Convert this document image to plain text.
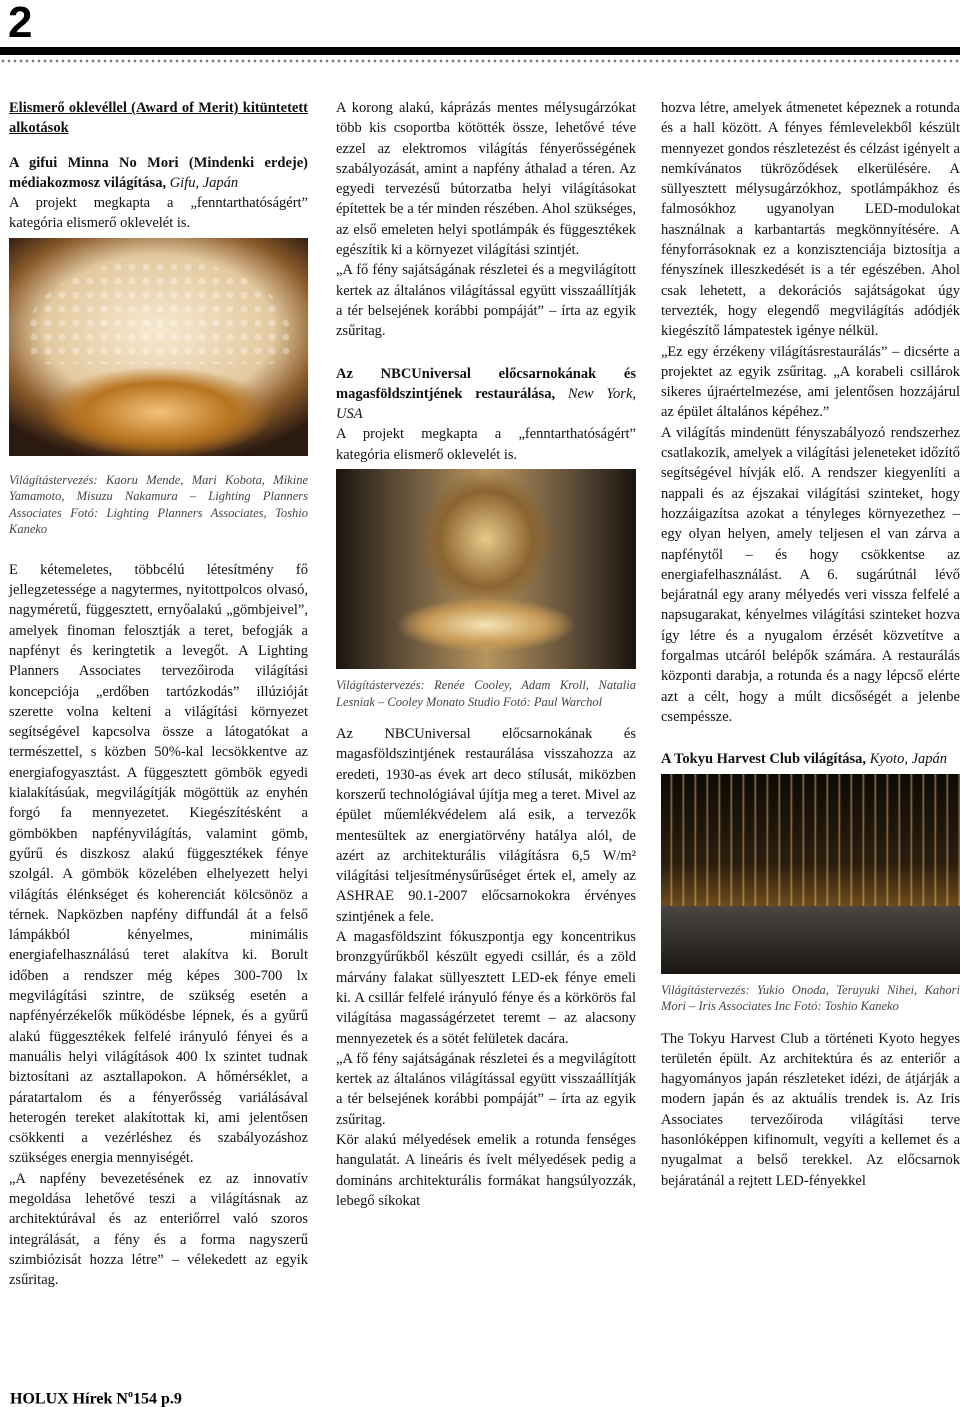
2

Elismerő oklevéllel (Award of Merit) kitüntetett alkotások

A gifui Minna No Mori (Mindenki erdeje) médiakozmosz világítása, Gifu, Japán

A projekt megkapta a „fenntarthatóságért” kategória elismerő oklevelét is.

Világítástervezés: Kaoru Mende, Mari Kobota, Mikine Yamamoto, Misuzu Nakamura – Lighting Planners Associates Fotó: Lighting Planners Associates, Toshio Kaneko

E kétemeletes, többcélú létesítmény fő jellegzetessége a nagytermes, nyitottpolcos olvasó, nagyméretű, függesztett, ernyőalakú „gömbjeivel”, amelyek finoman felosztják a teret, befogják a napfényt és keringtetik a levegőt. A Lighting Planners Associates tervezőiroda világítási koncepciója „erdőben tartózkodás” illúzióját szerette volna kelteni a világítási környezet segítségével kapcsolva össze a látogatókat a természettel, s közben 50%-kal lecsökkentve az energiafogyasztást. A függesztett gömbök egyedi kialakításúak, megvilágítják mögöttük az enyhén forgó fa mennyezetet. Kiegészítésként a gömbökben napfényvilágítás, valamint gömb, gyűrű és diszkosz alakú függesztékek fénye szolgál. A gömbök közelében elhelyezett helyi világítás élénkséget és koherenciát kölcsönöz a térnek. Napközben napfény diffundál át a felső lámpákból kényelmes, minimális energiafelhasználású teret alakítva ki. Borult időben a rendszer még képes 300-700 lx megvilágítási szintre, de szükség esetén a napfényérzékelők működésbe lépnek, és a gyűrű alakú függesztékek felfelé irányuló fényei és a manuális helyi világítások 400 lx szintet tudnak biztosítani az asztallapokon. A hőmérséklet, a páratartalom és a fényerősség variálásával heterogén tereket alakítottak ki, ami jelentősen csökkenti a vezérléshez és szabályozáshoz szükséges energia mennyiségét.

„A napfény bevezetésének ez az innovatív megoldása lehetővé teszi a világításnak az architektúrával és az enteriőrrel való szoros integrálását, a fény és a forma nagyszerű szimbiózisát hozza létre” – vélekedett az egyik zsűritag.

A korong alakú, káprázás mentes mélysugárzókat több kis csoportba kötötték össze, lehetővé téve ezzel az elektromos világítás fényerősségének szabályozását, amint a napfény áthalad a téren. Az egyedi tervezésű bútorzatba helyi világításokat építettek be a tér minden részében. Ahol szükséges, az első emeleten helyi spotlámpák és függesztékek egészítik ki a környezet világítási szintjét.

„A fő fény sajátságának részletei és a megvilágított kertek az általános világítással együtt visszaállítják a tér belsejének korábbi pompáját” – írta az egyik zsűritag.

Az NBCUniversal előcsarnokának és magasföldszintjének restaurálása, New York, USA

A projekt megkapta a „fenntarthatóságért” kategória elismerő oklevelét is.

Világítástervezés: Renée Cooley, Adam Kroll, Natalia Lesniak – Cooley Monato Studio Fotó: Paul Warchol

Az NBCUniversal előcsarnokának és magasföldszintjének restaurálása visszahozza az eredeti, 1930-as évek art deco stílusát, miközben korszerű technológiával újítja meg a teret. Mivel az épület műemlékvédelem alá esik, a tervezők mentesültek az energiatörvény hatálya alól, de azért az architekturális világításra 6,5 W/m² világítási teljesítménysűrűséget értek el, amely az ASHRAE 90.1-2007 előcsarnokokra érvényes szintjének a fele.

A magasföldszint fókuszpontja egy koncentrikus bronzgyűrűkből készült egyedi csillár, és a zöld márvány falakat süllyesztett LED-ek fénye emeli ki. A csillár felfelé irányuló fénye és a körkörös fal világítása magasságérzetet teremt – az alacsony mennyezetek és a sötét felületek dacára.

„A fő fény sajátságának részletei és a megvilágított kertek az általános világítással együtt visszaállítják a tér belsejének korábbi pompáját” – írta az egyik zsűritag.

Kör alakú mélyedések emelik a rotunda fenséges hangulatát. A lineáris és ívelt mélyedések pedig a domináns architekturális formákat hangsúlyozzák, lebegő síkokat

hozva létre, amelyek átmenetet képeznek a rotunda és a hall között. A fényes fémlevelekből készült mennyezet gondos részletezést és célzást igényelt a nemkívánatos tükröződések elkerülésére. A süllyesztett mélysugárzókhoz, spotlámpákhoz és falmosókhoz ugyanolyan LED-modulokat használnak a karbantartás megkönnyítésére. A fényforrásoknak ez a konzisztenciája biztosítja a fényszínek illeszkedését is a tér egészében. Ahol csak lehetett, a dekorációs sajátságokat úgy tervezték, hogy elegendő megvilágítás adódjék kiegészítő lámpatestek igénye nélkül.

„Ez egy érzékeny világításrestaurálás” – dicsérte a projektet az egyik zsűritag. „A korabeli csillárok sikeres újraértelmezése, ami jelentősen hozzájárul az épület általános képéhez.”

A világítás mindenütt fényszabályozó rendszerhez csatlakozik, amelyek a világítási jeleneteket időzítő segítségével hívják elő. A rendszer kiegyenlíti a nappali és az éjszakai világítási szinteket, hogy hozzáigazítsa azokat a tényleges környezethez – egy olyan helyen, amely teljesen el van zárva a napfénytől – és hogy csökkentse az energiafelhasználást. A 6. sugárútnál lévő bejáratnál egy arany mélyedés veri vissza felfelé a napsugarakat, kényelmes világítási szinteket hozva így létre és a nyugalom érzését közvetítve a forgalmas utcáról belépők számára. A restaurálás központi darabja, a rotunda és a nagy lépcső elérte azt a célt, hogy a múlt dicsőségét a jelenbe csempéssze.

A Tokyu Harvest Club világítása, Kyoto, Japán

Világítástervezés: Yukio Onoda, Teruyuki Nihei, Kahori Mori – Iris Associates Inc Fotó: Toshio Kaneko

The Tokyu Harvest Club a történeti Kyoto hegyes területén épült. Az architektúra és az enteriőr a hagyományos japán részleteket idézi, de átjárják a modern japán és az aktuális trendek is. Az Iris Associates tervezőiroda világítási terve hasonlóképpen kifinomult, vegyíti a kellemet és a nyugalmat a belső terekkel. Az előcsarnok bejáratánál a rejtett LED-fényekkel

HOLUX Hírek $N^o154$ p.9
